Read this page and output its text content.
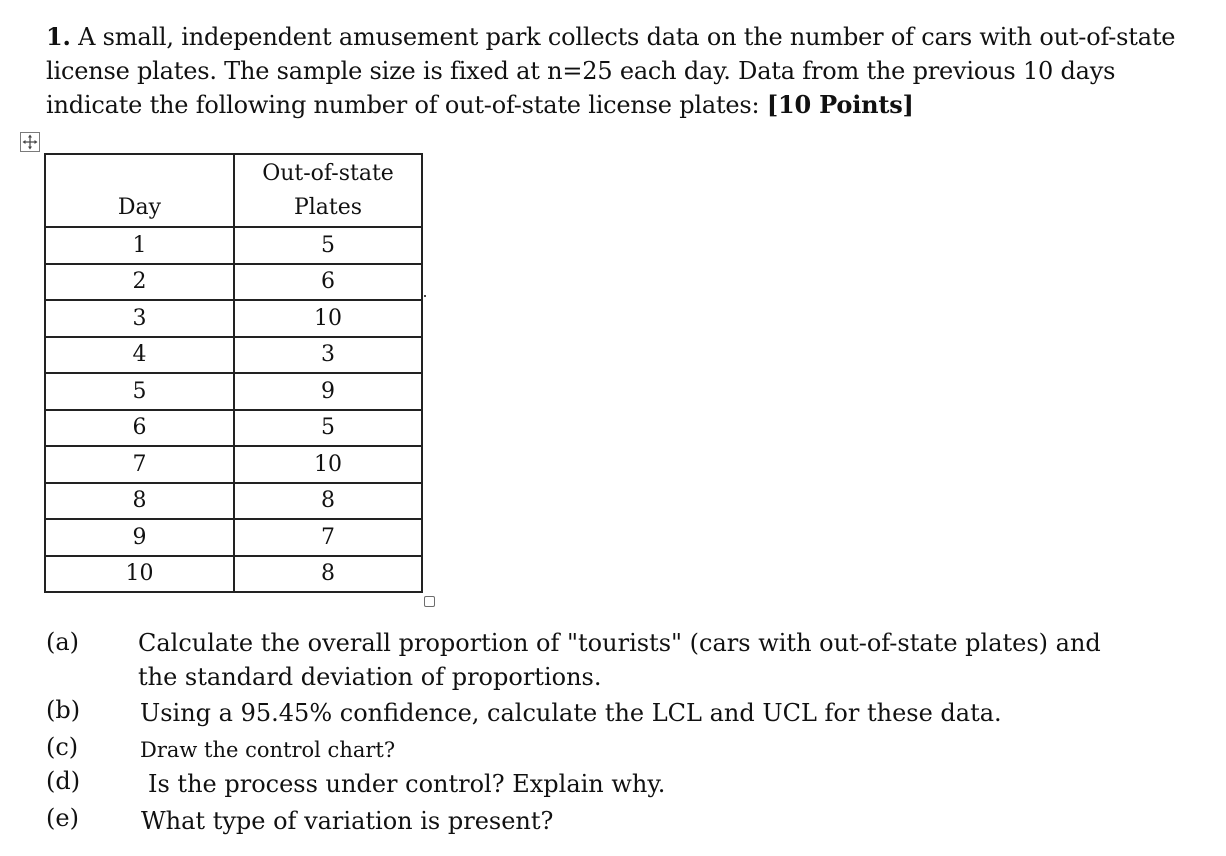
1. A small, independent amusement park collects data on the number of cars with out-of-state license plates. The sample size is fixed at n=25 each day. Data from the previous 10 days indicate the following number of out-of-state license plates: [10 Points]
Day	Out-of-state
Plates
1	5
2	6
3	10
4	3
5	9
6	5
7	10
8	8
9	7
10	8
(a)	Calculate the overall proportion of "tourists" (cars with out-of-state plates) and the standard deviation of proportions.
(b)	Using a 95.45% confidence, calculate the LCL and UCL for these data.
(c)	Draw the control chart?
(d)	Is the process under control? Explain why.
(e)	What type of variation is present?
